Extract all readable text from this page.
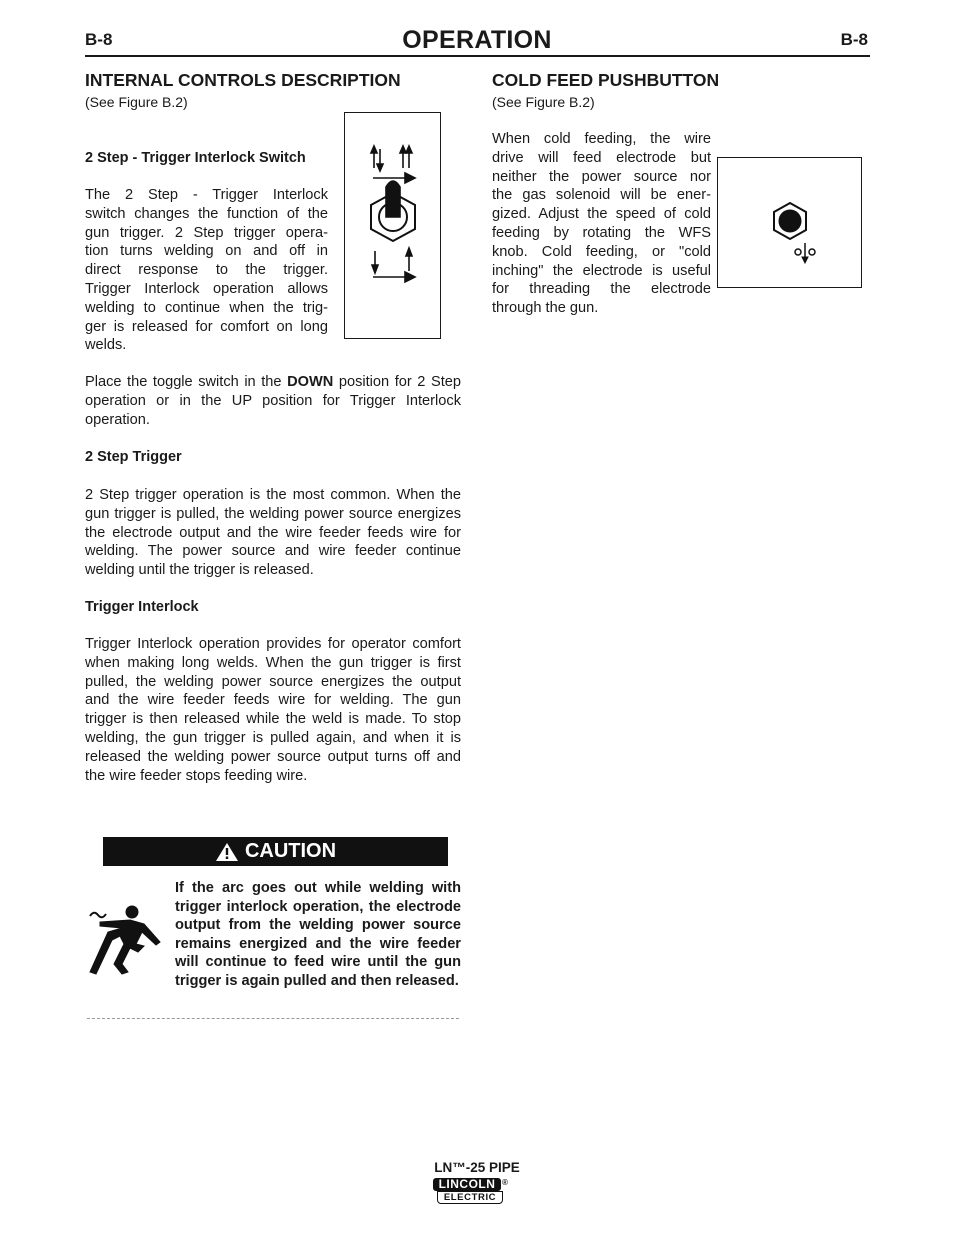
B-8	OPERATION	B-8
INTERNAL CONTROLS DESCRIPTION
(See Figure B.2)
2 Step - Trigger Interlock Switch
The 2 Step - Trigger Interlock
switch changes the function of the
gun trigger. 2 Step trigger opera-
tion turns welding on and off in
direct response to the trigger.
Trigger Interlock operation allows
welding to continue when the trig-
ger is released for comfort on long
welds.
Place the toggle switch in the DOWN position for 2 Step operation or in the UP position for Trigger Interlock operation.
2 Step Trigger
2 Step trigger operation is the most common. When the gun trigger is pulled, the welding power source energizes the electrode output and the wire feeder feeds wire for welding. The power source and wire feeder continue welding until the trigger is released.
Trigger Interlock
Trigger Interlock operation provides for operator comfort when making long welds. When the gun trigger is first pulled, the welding power source energizes the output and the wire feeder feeds wire for welding. The gun trigger is then released while the weld is made. To stop welding, the gun trigger is pulled again, and when it is released the welding power source output turns off and the wire feeder stops feeding wire.
CAUTION
If the arc goes out while welding with trigger interlock operation, the electrode output from the welding power source remains energized and the wire feeder will continue to feed wire until the gun trigger is again pulled and then released.
COLD FEED PUSHBUTTON
(See Figure B.2)
When cold feeding, the wire
drive will feed electrode but
neither the power source nor
the gas solenoid will be ener-
gized. Adjust the speed of cold
feeding by rotating the WFS
knob. Cold feeding, or "cold
inching" the electrode is useful
for threading the electrode
through the gun.
LN™-25 PIPE
LINCOLN
ELECTRIC
®
